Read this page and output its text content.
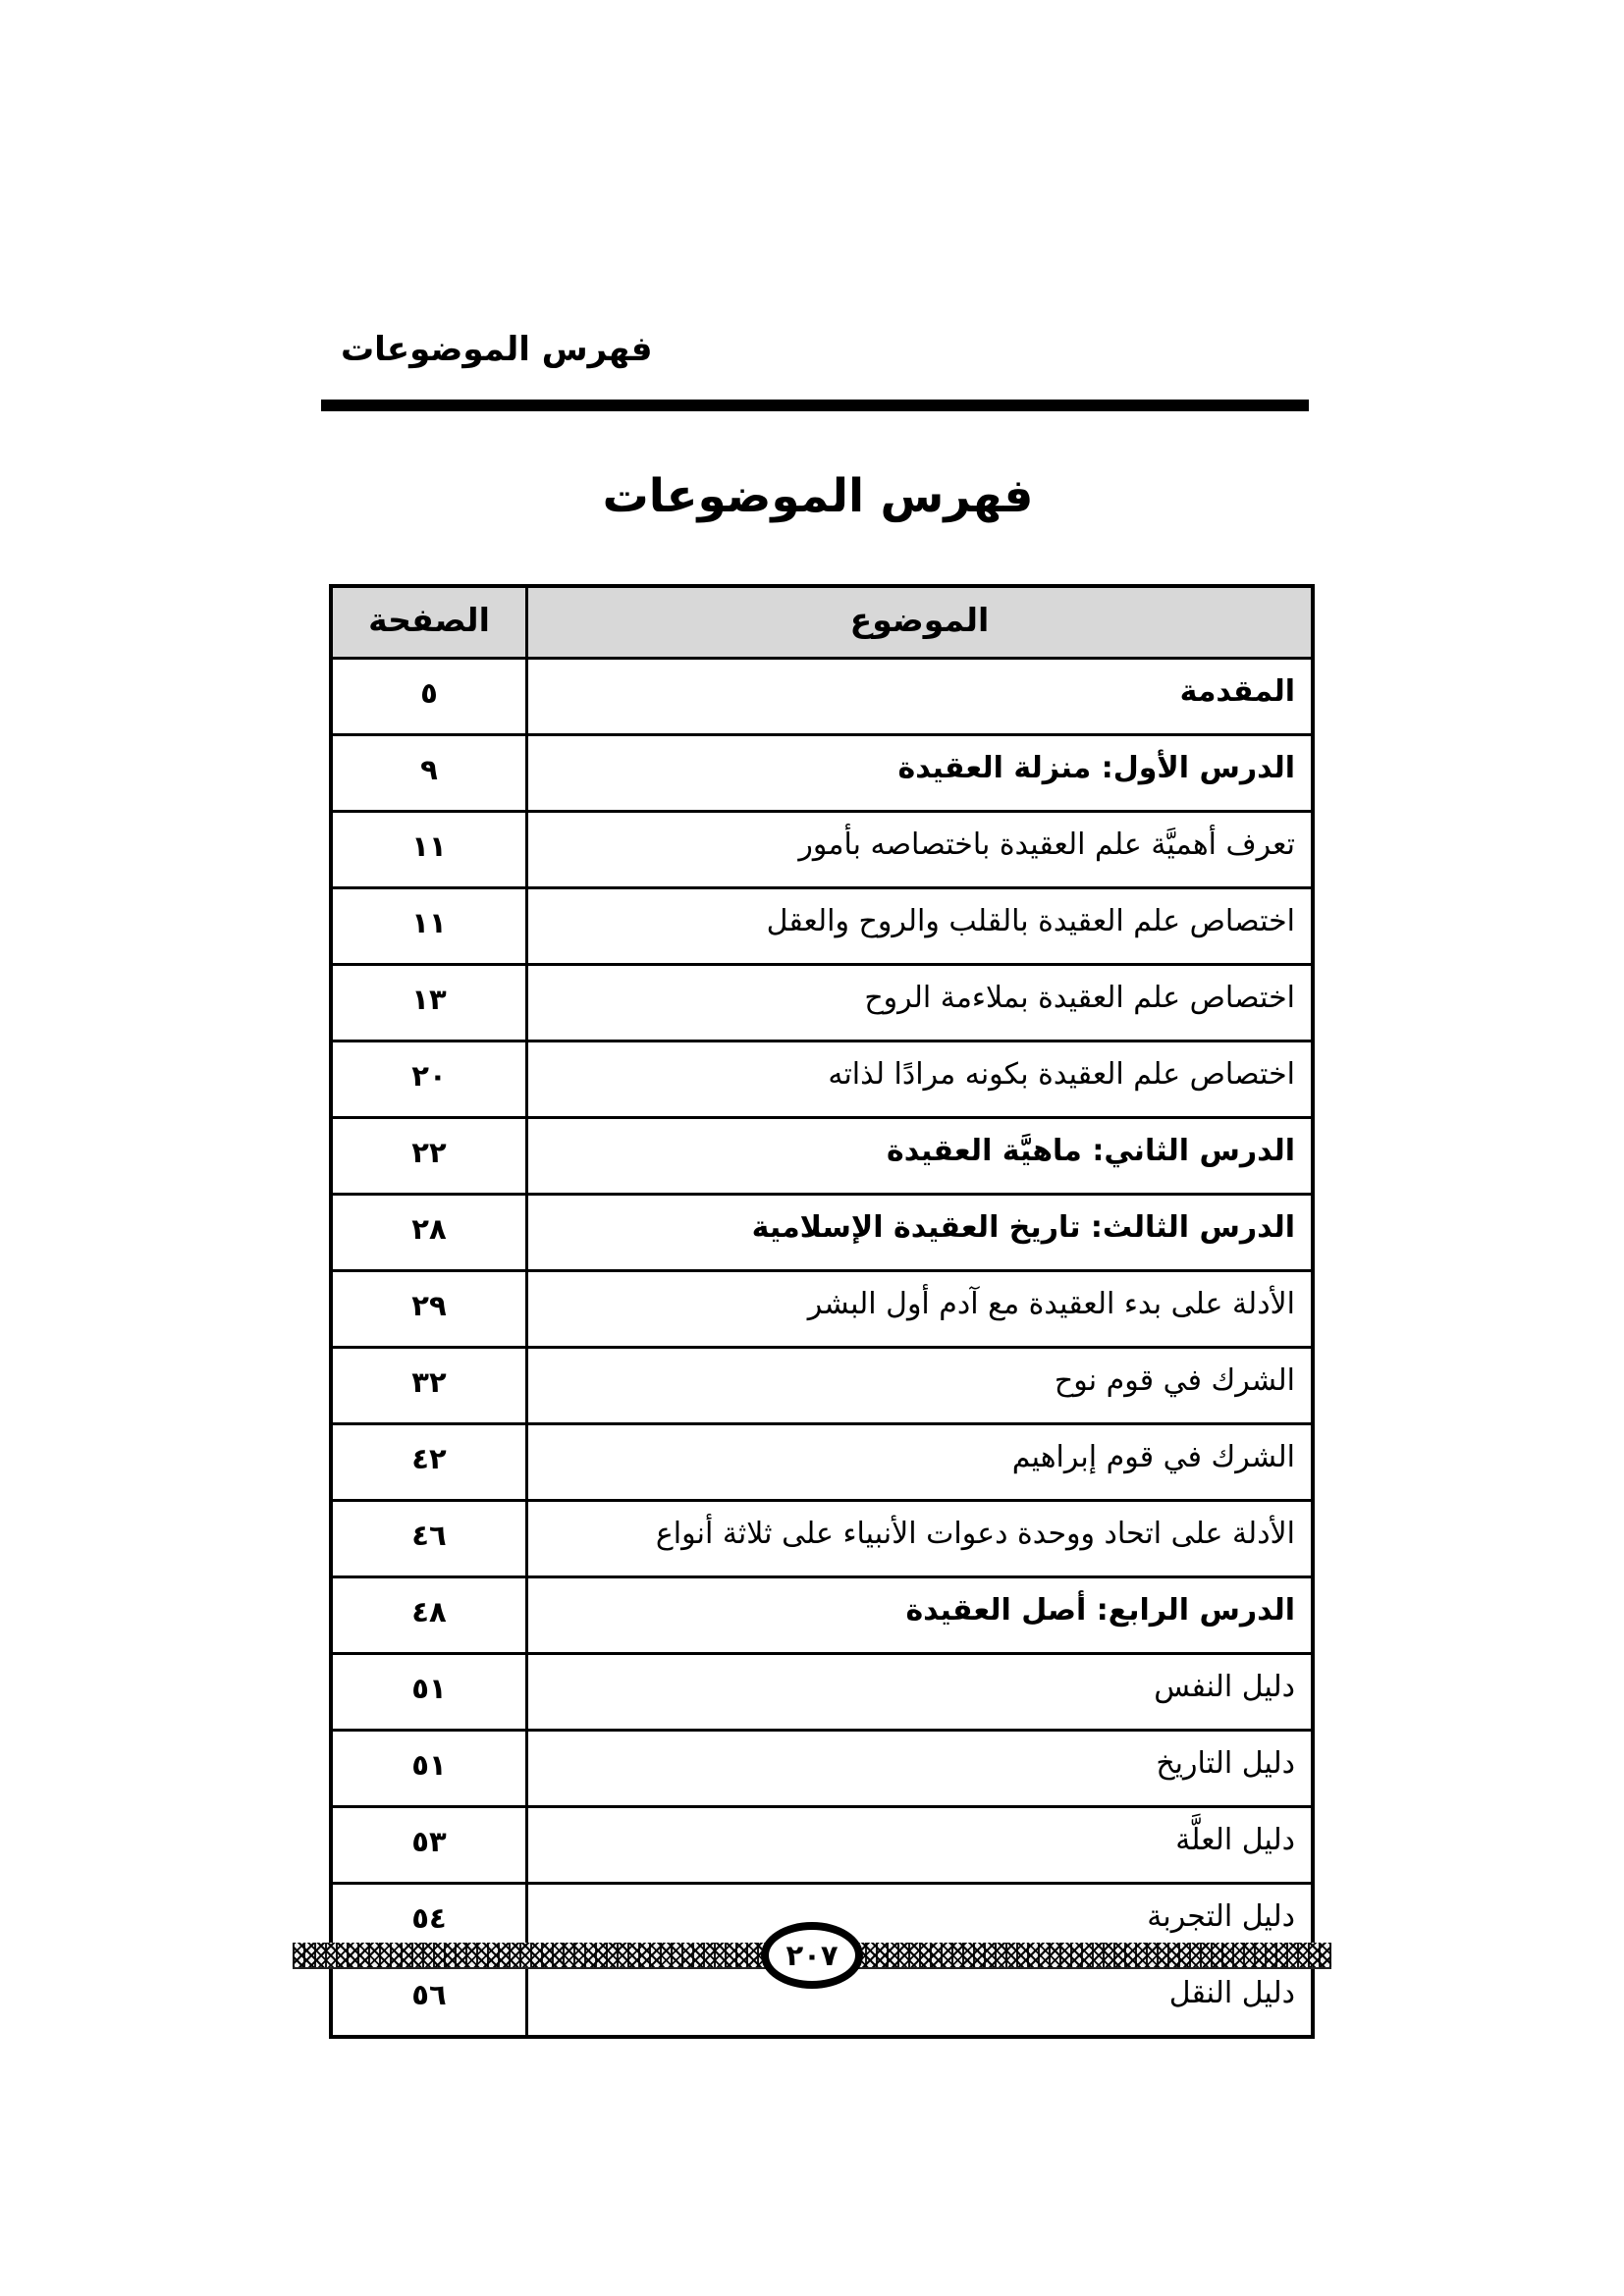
فهرس الموضوعات
فهرس الموضوعات
الموضوع	الصفحة
المقدمة	٥
الدرس الأول: منزلة العقيدة	٩
تعرف أهميَّة علم العقيدة باختصاصه بأمور	١١
اختصاص علم العقيدة بالقلب والروح والعقل	١١
اختصاص علم العقيدة بملاءمة الروح	١٣
اختصاص علم العقيدة بكونه مرادًا لذاته	٢٠
الدرس الثاني: ماهيَّة العقيدة	٢٢
الدرس الثالث: تاريخ العقيدة الإسلامية	٢٨
الأدلة على بدء العقيدة مع آدم أول البشر	٢٩
الشرك في قوم نوح	٣٢
الشرك في قوم إبراهيم	٤٢
الأدلة على اتحاد ووحدة دعوات الأنبياء على ثلاثة أنواع	٤٦
الدرس الرابع: أصل العقيدة	٤٨
دليل النفس	٥١
دليل التاريخ	٥١
دليل العلَّة	٥٣
دليل التجربة	٥٤
دليل النقل	٥٦
٢٠٧
